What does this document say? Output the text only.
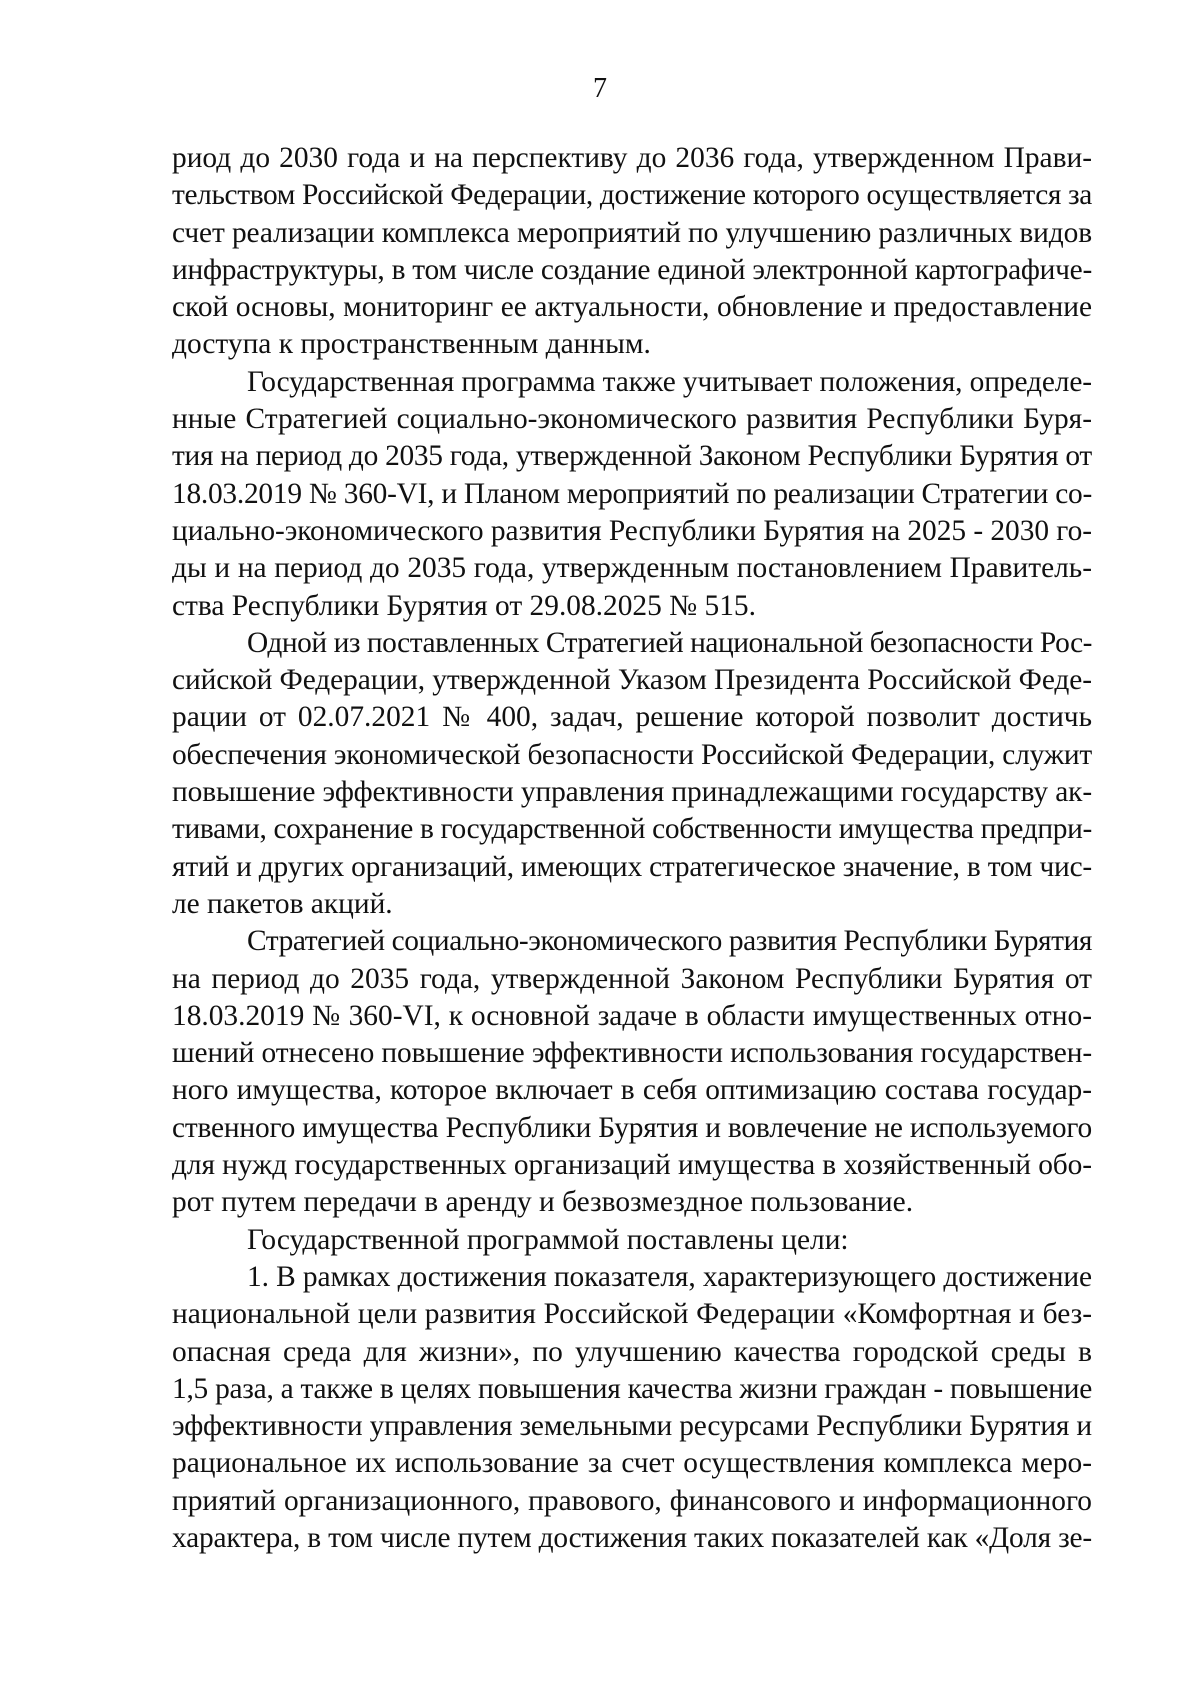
7
риод до 2030 года и на перспективу до 2036 года, утвержденном Прави-
тельством Российской Федерации, достижение которого осуществляется за
счет реализации комплекса мероприятий по улучшению различных видов
инфраструктуры, в том числе создание единой электронной картографиче-
ской основы, мониторинг ее актуальности, обновление и предоставление
доступа к пространственным данным.
Государственная программа также учитывает положения, определе-
нные Стратегией социально-экономического развития Республики Буря-
тия на период до 2035 года, утвержденной Законом Республики Бурятия от
18.03.2019 № 360-VI, и Планом мероприятий по реализации Стратегии со-
циально-экономического развития Республики Бурятия на 2025 - 2030 го-
ды и на период до 2035 года, утвержденным постановлением Правитель-
ства Республики Бурятия от 29.08.2025 № 515.
Одной из поставленных Стратегией национальной безопасности Рос-
сийской Федерации, утвержденной Указом Президента Российской Феде-
рации от 02.07.2021 № 400, задач, решение которой позволит достичь
обеспечения экономической безопасности Российской Федерации, служит
повышение эффективности управления принадлежащими государству ак-
тивами, сохранение в государственной собственности имущества предпри-
ятий и других организаций, имеющих стратегическое значение, в том чис-
ле пакетов акций.
Стратегией социально-экономического развития Республики Бурятия
на период до 2035 года, утвержденной Законом Республики Бурятия от
18.03.2019 № 360-VI, к основной задаче в области имущественных отно-
шений отнесено повышение эффективности использования государствен-
ного имущества, которое включает в себя оптимизацию состава государ-
ственного имущества Республики Бурятия и вовлечение не используемого
для нужд государственных организаций имущества в хозяйственный обо-
рот путем передачи в аренду и безвозмездное пользование.
Государственной программой поставлены цели:
1. В рамках достижения показателя, характеризующего достижение
национальной цели развития Российской Федерации «Комфортная и без-
опасная среда для жизни», по улучшению качества городской среды в
1,5 раза, а также в целях повышения качества жизни граждан - повышение
эффективности управления земельными ресурсами Республики Бурятия и
рациональное их использование за счет осуществления комплекса меро-
приятий организационного, правового, финансового и информационного
характера, в том числе путем достижения таких показателей как «Доля зе-
